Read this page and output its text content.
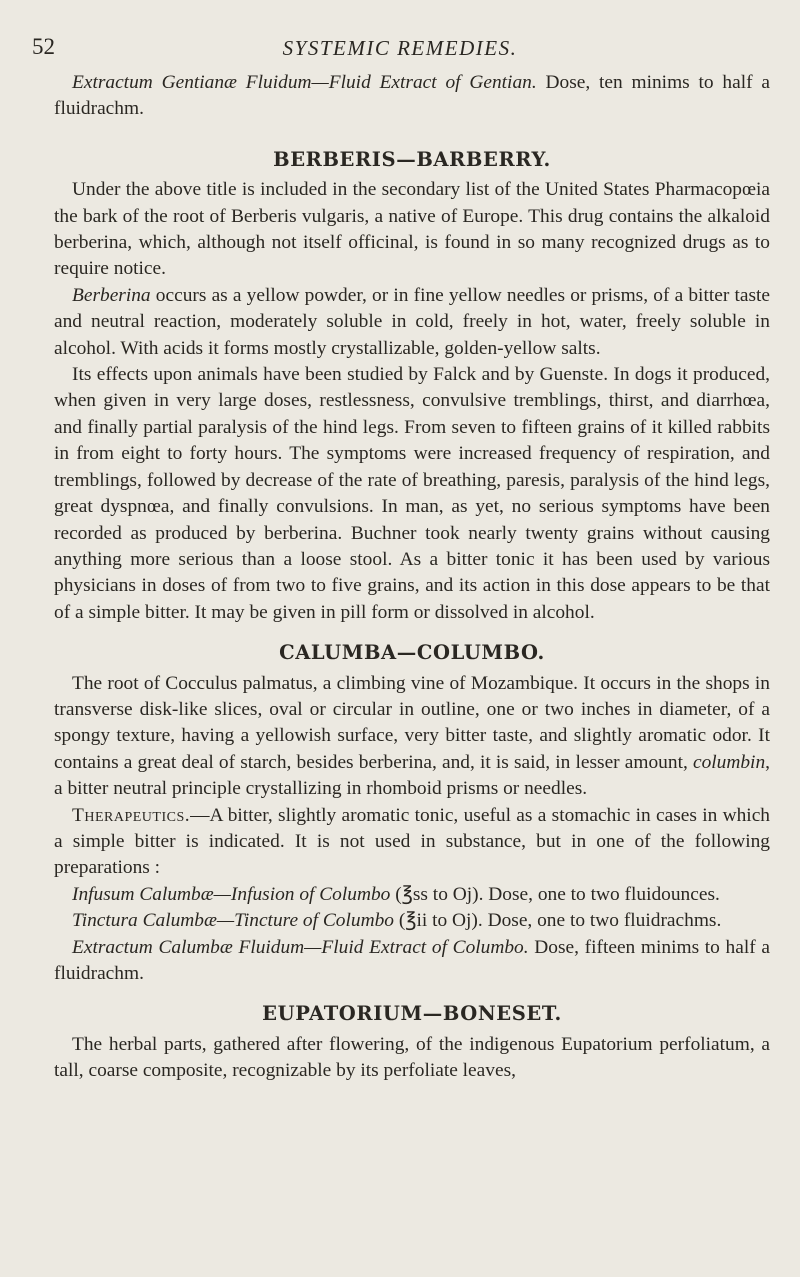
52	SYSTEMIC REMEDIES.

Extractum Gentianæ Fluidum—Fluid Extract of Gentian. Dose, ten minims to half a fluidrachm.

BERBERIS—BARBERRY.

Under the above title is included in the secondary list of the United States Pharmacopœia the bark of the root of Berberis vulgaris, a native of Europe. This drug contains the alkaloid berberina, which, although not itself officinal, is found in so many recognized drugs as to require notice.

Berberina occurs as a yellow powder, or in fine yellow needles or prisms, of a bitter taste and neutral reaction, moderately soluble in cold, freely in hot, water, freely soluble in alcohol. With acids it forms mostly crystallizable, golden-yellow salts.

Its effects upon animals have been studied by Falck and by Guenste. In dogs it produced, when given in very large doses, restlessness, convulsive tremblings, thirst, and diarrhœa, and finally partial paralysis of the hind legs. From seven to fifteen grains of it killed rabbits in from eight to forty hours. The symptoms were increased frequency of respiration, and tremblings, followed by decrease of the rate of breathing, paresis, paralysis of the hind legs, great dyspnœa, and finally convulsions. In man, as yet, no serious symptoms have been recorded as produced by berberina. Buchner took nearly twenty grains without causing anything more serious than a loose stool. As a bitter tonic it has been used by various physicians in doses of from two to five grains, and its action in this dose appears to be that of a simple bitter. It may be given in pill form or dissolved in alcohol.

CALUMBA—COLUMBO.

The root of Cocculus palmatus, a climbing vine of Mozambique. It occurs in the shops in transverse disk-like slices, oval or circular in outline, one or two inches in diameter, of a spongy texture, having a yellowish surface, very bitter taste, and slightly aromatic odor. It contains a great deal of starch, besides berberina, and, it is said, in lesser amount, columbin, a bitter neutral principle crystallizing in rhomboid prisms or needles.

Therapeutics.—A bitter, slightly aromatic tonic, useful as a stomachic in cases in which a simple bitter is indicated. It is not used in substance, but in one of the following preparations :

Infusum Calumbæ—Infusion of Columbo (℥ss to Oj). Dose, one to two fluidounces.

Tinctura Calumbæ—Tincture of Columbo (℥ii to Oj). Dose, one to two fluidrachms.

Extractum Calumbæ Fluidum—Fluid Extract of Columbo. Dose, fifteen minims to half a fluidrachm.

EUPATORIUM—BONESET.

The herbal parts, gathered after flowering, of the indigenous Eupatorium perfoliatum, a tall, coarse composite, recognizable by its perfoliate leaves,
